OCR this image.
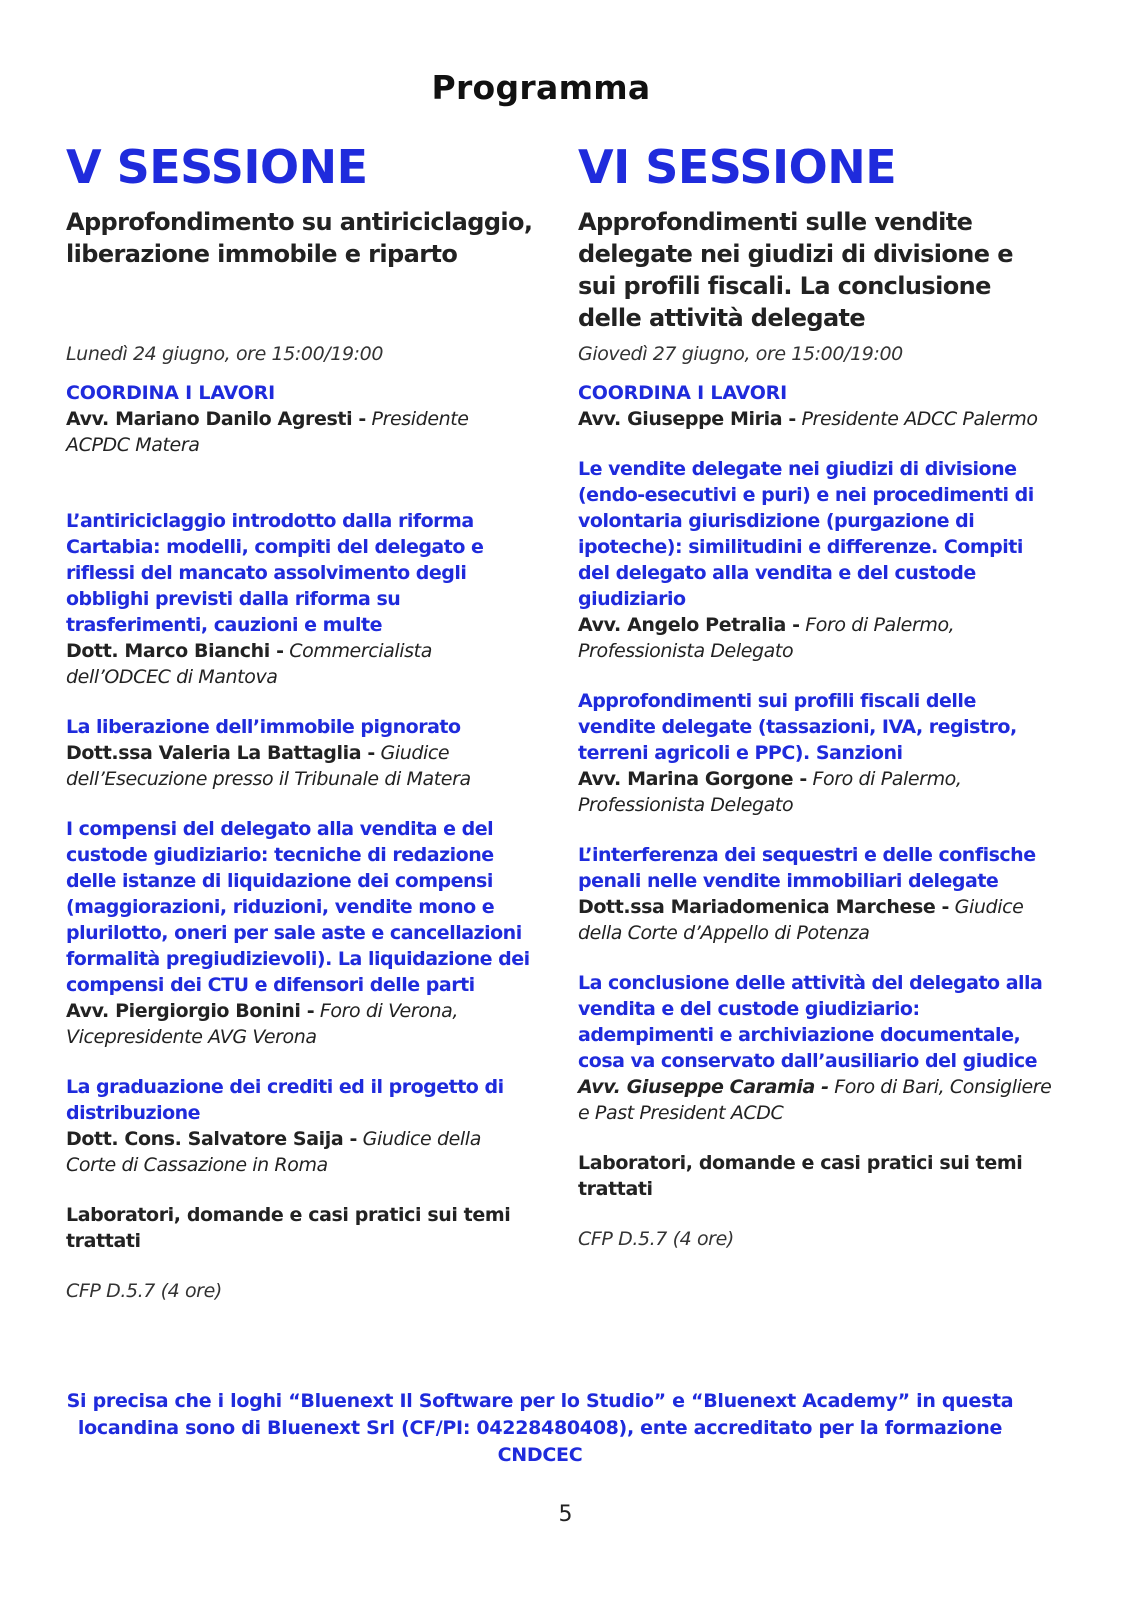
Programma
V SESSIONE
Approfondimento su antiriciclaggio, liberazione immobile e riparto
Lunedì 24 giugno, ore 15:00/19:00
COORDINA I LAVORI
Avv. Mariano Danilo Agresti - Presidente ACPDC Matera
L’antiriciclaggio introdotto dalla riforma Cartabia: modelli, compiti del delegato e riflessi del mancato assolvimento degli obblighi previsti dalla riforma su trasferimenti, cauzioni e multe
Dott. Marco Bianchi - Commercialista dell’ODCEC di Mantova
La liberazione dell’immobile pignorato
Dott.ssa Valeria La Battaglia - Giudice dell’Esecuzione presso il Tribunale di Matera
I compensi del delegato alla vendita e del custode giudiziario: tecniche di redazione delle istanze di liquidazione dei compensi (maggiorazioni, riduzioni, vendite mono e plurilotto, oneri per sale aste e cancellazioni formalità pregiudizievoli). La liquidazione dei compensi dei CTU e difensori delle parti
Avv. Piergiorgio Bonini - Foro di Verona, Vicepresidente AVG Verona
La graduazione dei crediti ed il progetto di distribuzione
Dott. Cons. Salvatore Saija - Giudice della Corte di Cassazione in Roma
Laboratori, domande e casi pratici sui temi trattati
CFP D.5.7 (4 ore)
VI SESSIONE
Approfondimenti sulle vendite delegate nei giudizi di divisione e sui profili fiscali. La conclusione delle attività delegate
Giovedì 27 giugno, ore 15:00/19:00
COORDINA I LAVORI
Avv. Giuseppe Miria - Presidente ADCC Palermo
Le vendite delegate nei giudizi di divisione (endo-esecutivi e puri) e nei procedimenti di volontaria giurisdizione (purgazione di ipoteche): similitudini e differenze. Compiti del delegato alla vendita e del custode giudiziario
Avv. Angelo Petralia - Foro di Palermo, Professionista Delegato
Approfondimenti sui profili fiscali delle vendite delegate (tassazioni, IVA, registro, terreni agricoli e PPC). Sanzioni
Avv. Marina Gorgone - Foro di Palermo, Professionista Delegato
L’interferenza dei sequestri e delle confische penali nelle vendite immobiliari delegate
Dott.ssa Mariadomenica Marchese - Giudice della Corte d’Appello di Potenza
La conclusione delle attività del delegato alla vendita e del custode giudiziario: adempimenti e archiviazione documentale, cosa va conservato dall’ausiliario del giudice
Avv. Giuseppe Caramia - Foro di Bari, Consigliere e Past President ACDC
Laboratori, domande e casi pratici sui temi trattati
CFP D.5.7 (4 ore)
Si precisa che i loghi “Bluenext Il Software per lo Studio” e “Bluenext Academy” in questa locandina sono di Bluenext Srl (CF/PI: 04228480408), ente accreditato per la formazione CNDCEC
5
